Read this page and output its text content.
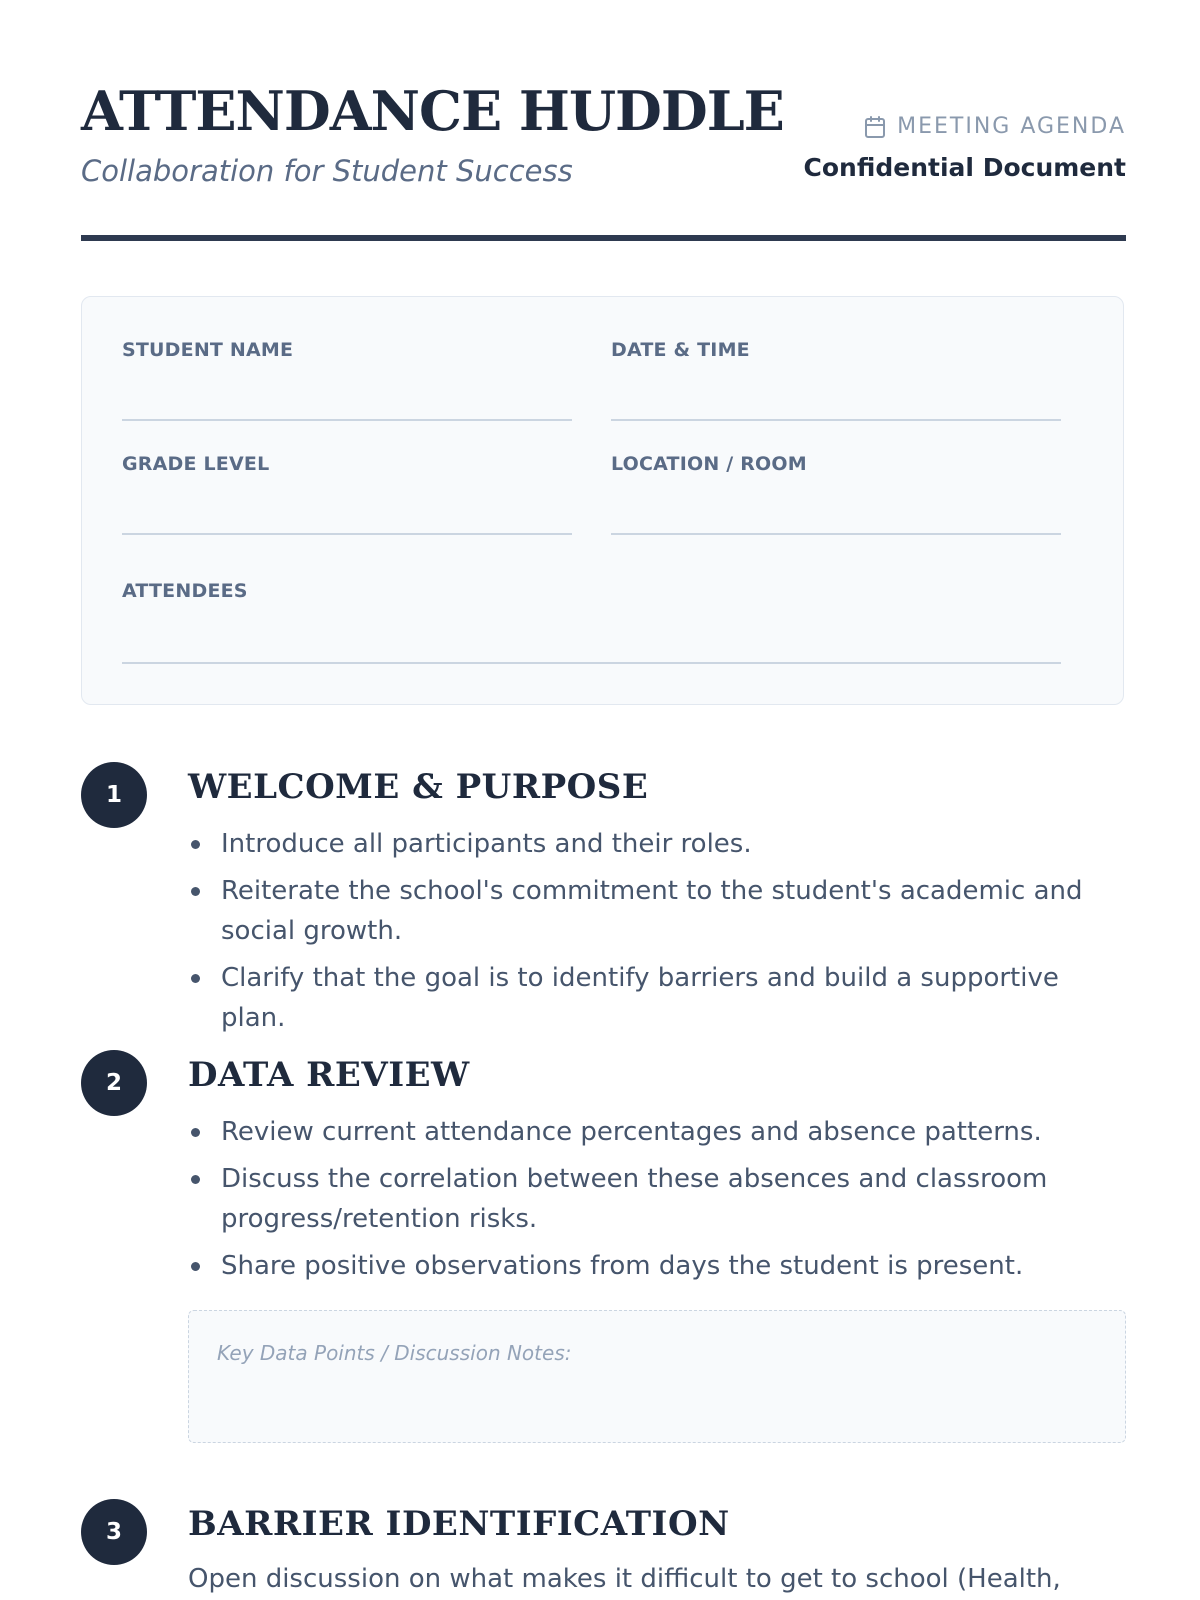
ATTENDANCE HUDDLE

Collaboration for Student Success

MEETING AGENDA
Confidential Document
STUDENT NAME	DATE & TIME
GRADE LEVEL	LOCATION / ROOM
ATTENDEES
1	WELCOME & PURPOSE
Introduce all participants and their roles.
Reiterate the school's commitment to the student's academic and social growth.
Clarify that the goal is to identify barriers and build a supportive plan.
2	DATA REVIEW
Review current attendance percentages and absence patterns.
Discuss the correlation between these absences and classroom progress/retention risks.
Share positive observations from days the student is present.
Key Data Points / Discussion Notes:
3	BARRIER IDENTIFICATION

Open discussion on what makes it difficult to get to school (Health,
